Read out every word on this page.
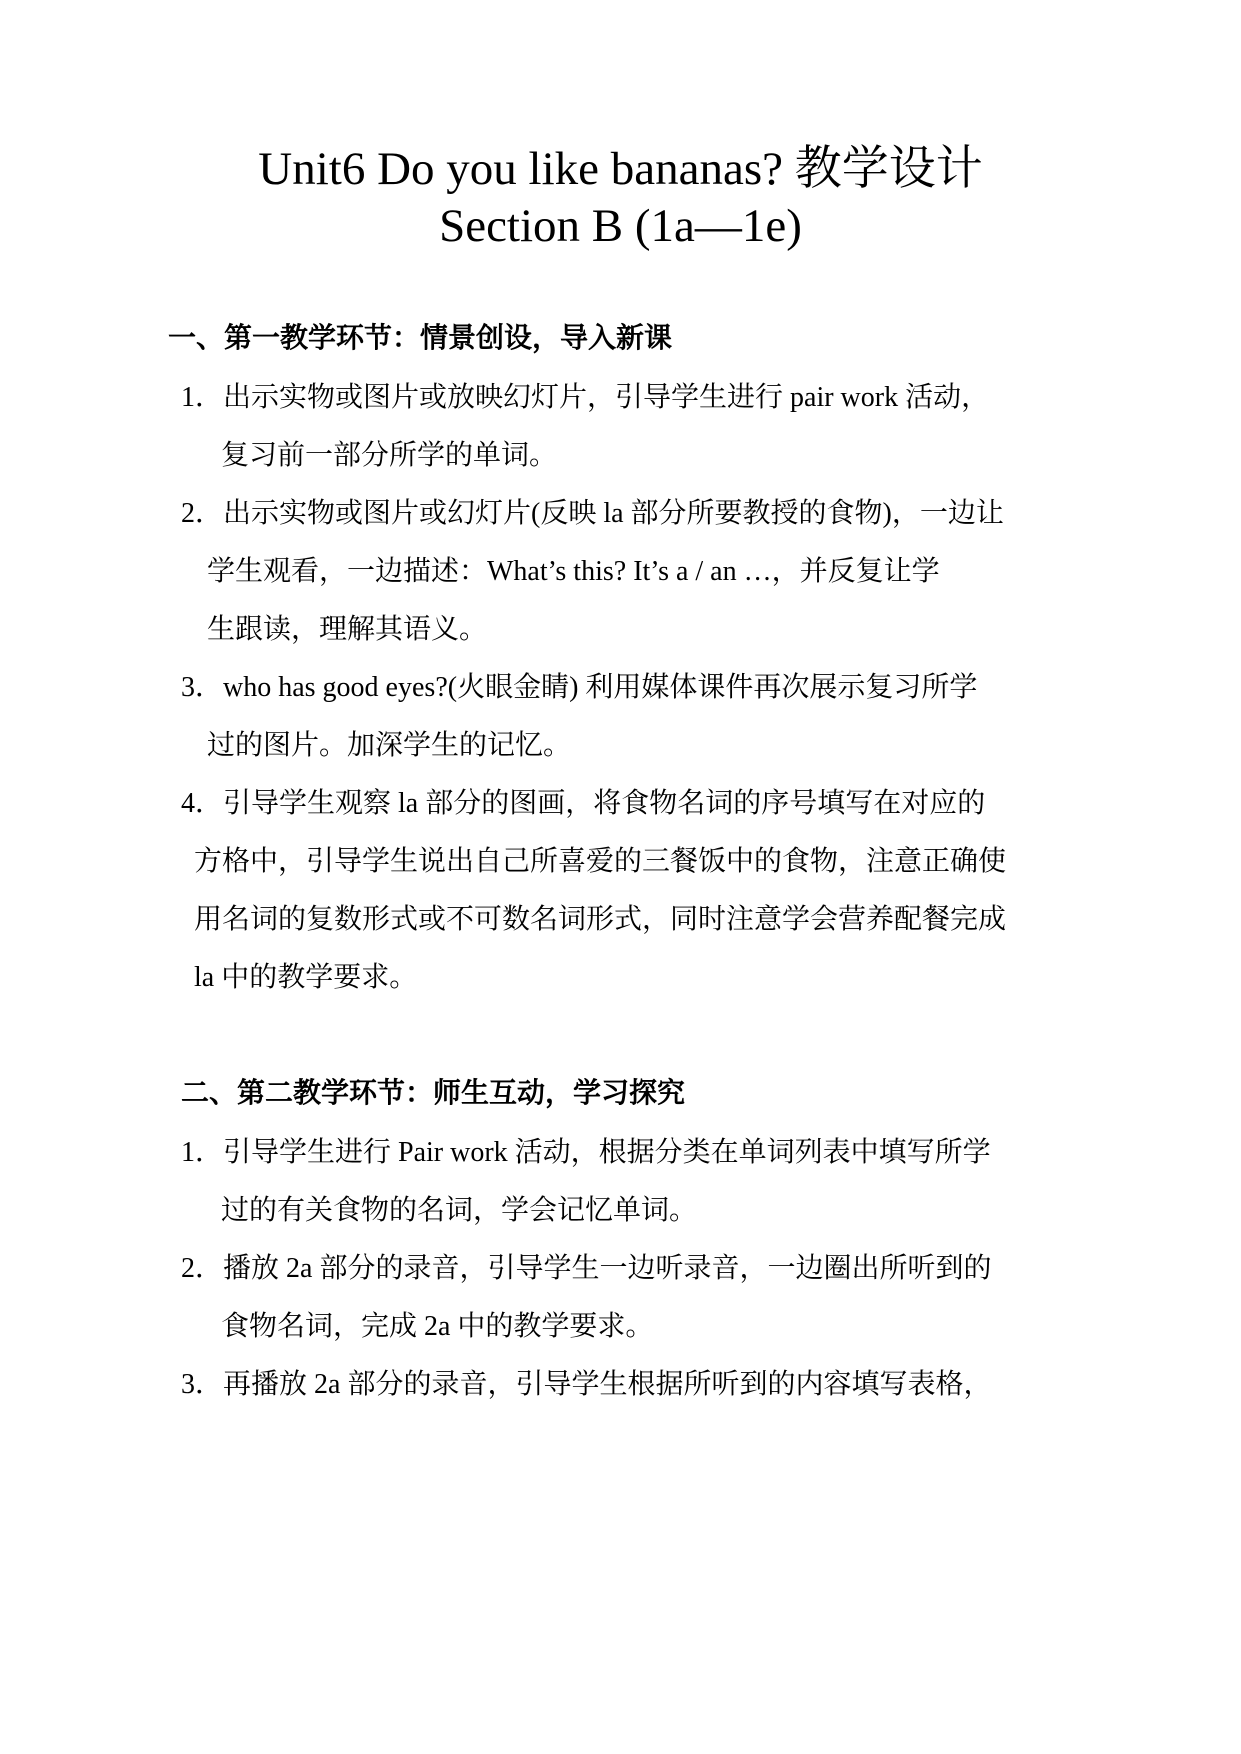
Unit6 Do you like bananas? 教学设计
Section B (1a—1e)
一、第一教学环节：情景创设，导入新课
1．出示实物或图片或放映幻灯片，引导学生进行 pair work 活动，
复习前一部分所学的单词。
2．出示实物或图片或幻灯片(反映 la 部分所要教授的食物)，一边让
学生观看，一边描述：What’s this? It’s a / an …，并反复让学
生跟读，理解其语义。
3．who has good eyes?(火眼金睛) 利用媒体课件再次展示复习所学
过的图片。加深学生的记忆。
4．引导学生观察 la 部分的图画，将食物名词的序号填写在对应的
方格中，引导学生说出自己所喜爱的三餐饭中的食物，注意正确使
用名词的复数形式或不可数名词形式，同时注意学会营养配餐完成
la 中的教学要求。
二、第二教学环节：师生互动，学习探究
1．引导学生进行 Pair work 活动，根据分类在单词列表中填写所学
过的有关食物的名词，学会记忆单词。
2．播放 2a 部分的录音，引导学生一边听录音，一边圈出所听到的
食物名词，完成 2a 中的教学要求。
3．再播放 2a 部分的录音，引导学生根据所听到的内容填写表格，
